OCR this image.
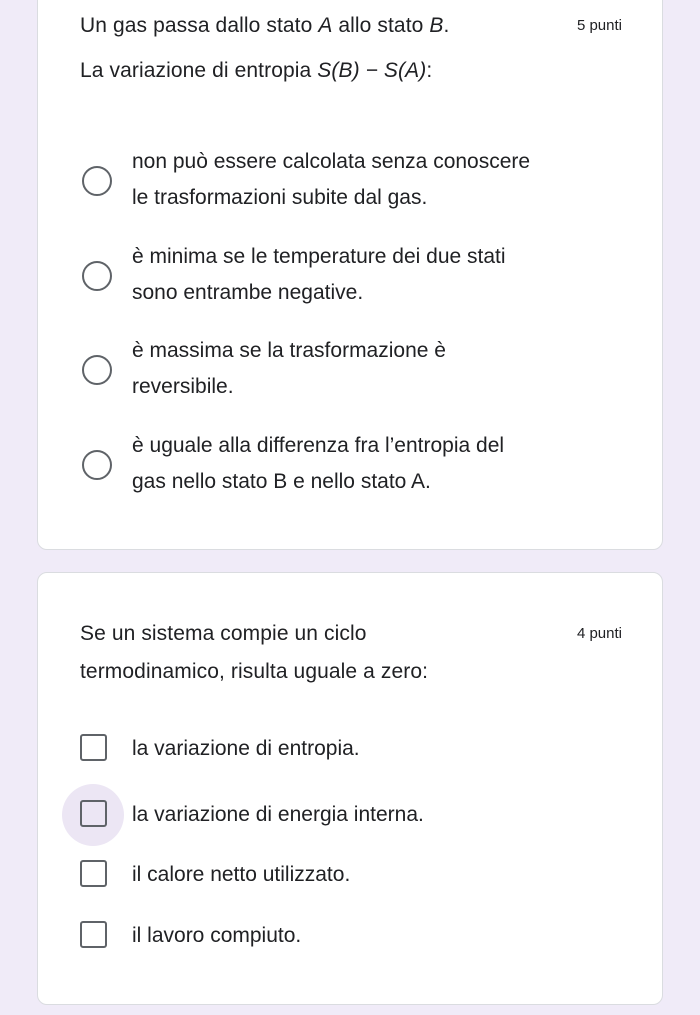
Un gas passa dallo stato A allo stato B.	5 punti
La variazione di entropia S(B) − S(A):
non può essere calcolata senza conoscere
le trasformazioni subite dal gas.
è minima se le temperature dei due stati
sono entrambe negative.
è massima se la trasformazione è
reversibile.
è uguale alla differenza fra l’entropia del
gas nello stato B e nello stato A.
Se un sistema compie un ciclo	4 punti
termodinamico, risulta uguale a zero:
la variazione di entropia.
la variazione di energia interna.
il calore netto utilizzato.
il lavoro compiuto.
